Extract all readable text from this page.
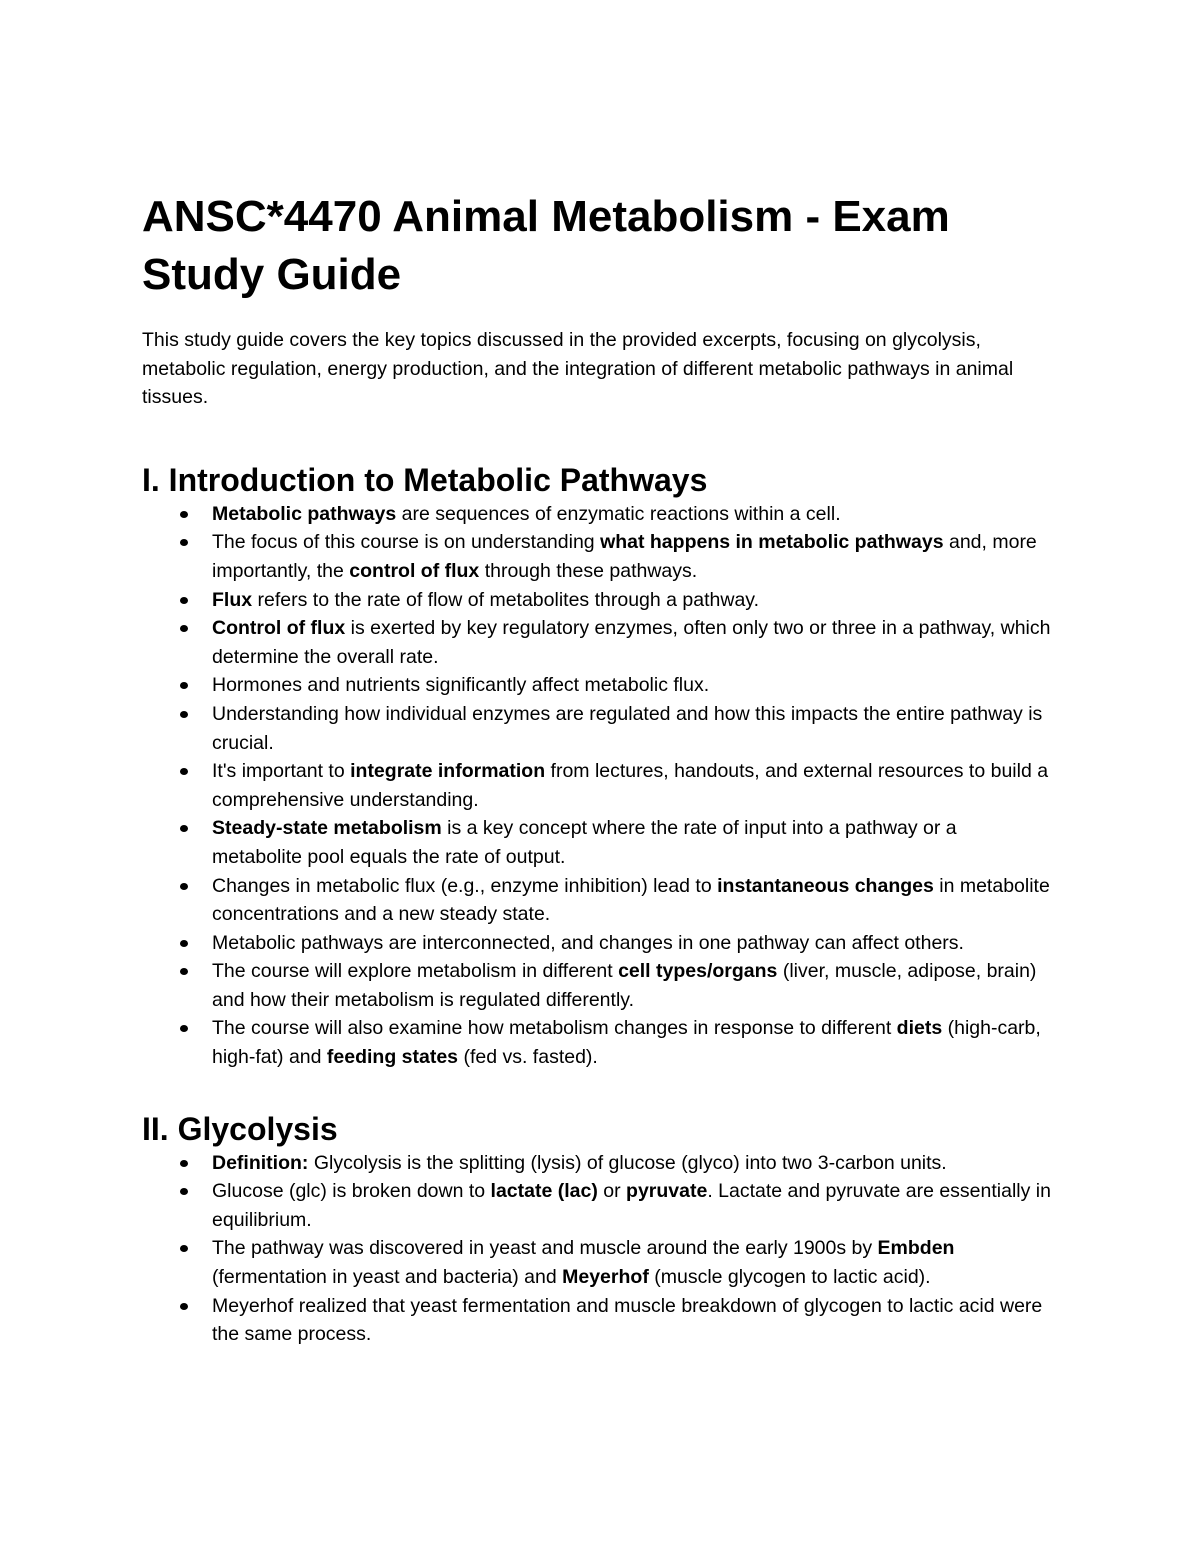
ANSC*4470 Animal Metabolism - Exam Study Guide

This study guide covers the key topics discussed in the provided excerpts, focusing on glycolysis, metabolic regulation, energy production, and the integration of different metabolic pathways in animal tissues.

I. Introduction to Metabolic Pathways
Metabolic pathways are sequences of enzymatic reactions within a cell.
The focus of this course is on understanding what happens in metabolic pathways and, more importantly, the control of flux through these pathways.
Flux refers to the rate of flow of metabolites through a pathway.
Control of flux is exerted by key regulatory enzymes, often only two or three in a pathway, which determine the overall rate.
Hormones and nutrients significantly affect metabolic flux.
Understanding how individual enzymes are regulated and how this impacts the entire pathway is crucial.
It's important to integrate information from lectures, handouts, and external resources to build a comprehensive understanding.
Steady-state metabolism is a key concept where the rate of input into a pathway or a metabolite pool equals the rate of output.
Changes in metabolic flux (e.g., enzyme inhibition) lead to instantaneous changes in metabolite concentrations and a new steady state.
Metabolic pathways are interconnected, and changes in one pathway can affect others.
The course will explore metabolism in different cell types/organs (liver, muscle, adipose, brain) and how their metabolism is regulated differently.
The course will also examine how metabolism changes in response to different diets (high-carb, high-fat) and feeding states (fed vs. fasted).
II. Glycolysis
Definition: Glycolysis is the splitting (lysis) of glucose (glyco) into two 3-carbon units.
Glucose (glc) is broken down to lactate (lac) or pyruvate. Lactate and pyruvate are essentially in equilibrium.
The pathway was discovered in yeast and muscle around the early 1900s by Embden (fermentation in yeast and bacteria) and Meyerhof (muscle glycogen to lactic acid).
Meyerhof realized that yeast fermentation and muscle breakdown of glycogen to lactic acid were the same process.
